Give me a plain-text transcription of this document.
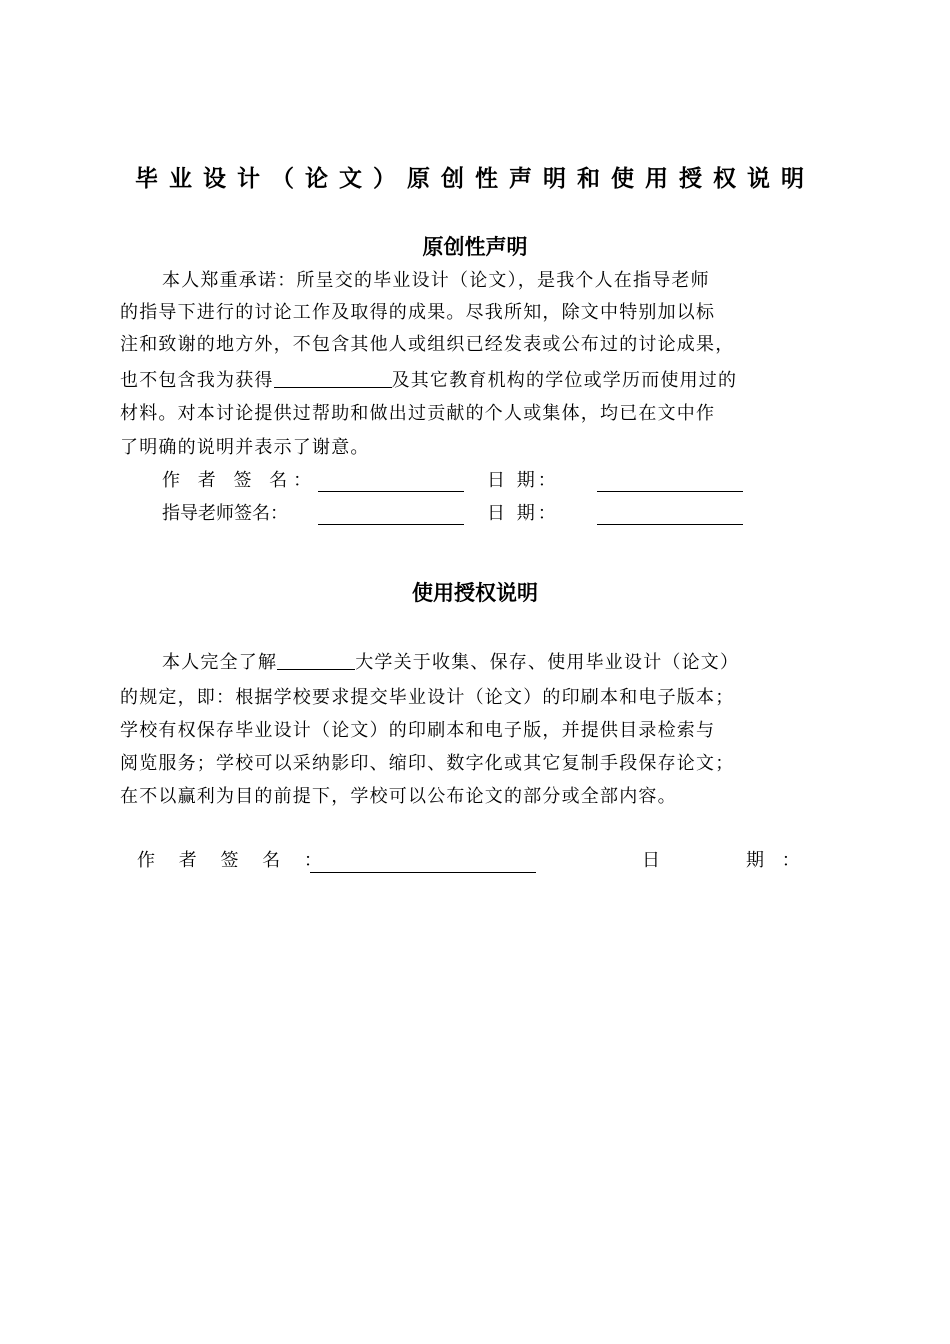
毕业设计（论文）原创性声明和使用授权说明
原创性声明
本人郑重承诺：所呈交的毕业设计（论文），是我个人在指导老师
的指导下进行的讨论工作及取得的成果。尽我所知，除文中特别加以标
注和致谢的地方外，不包含其他人或组织已经发表或公布过的讨论成果，
也不包含我为获得	及其它教育机构的学位或学历而使用过的
材料。对本讨论提供过帮助和做出过贡献的个人或集体，均已在文中作
了明确的说明并表示了谢意。
作 者 签 名：	日 期：
指导老师签名：	日 期：
使用授权说明
本人完全了解	大学关于收集、保存、使用毕业设计（论文）
的规定，即：根据学校要求提交毕业设计（论文）的印刷本和电子版本；
学校有权保存毕业设计（论文）的印刷本和电子版，并提供目录检索与
阅览服务；学校可以采纳影印、缩印、数字化或其它复制手段保存论文；
在不以赢利为目的前提下，学校可以公布论文的部分或全部内容。
作 者 签 名 ：	日	期 ：
